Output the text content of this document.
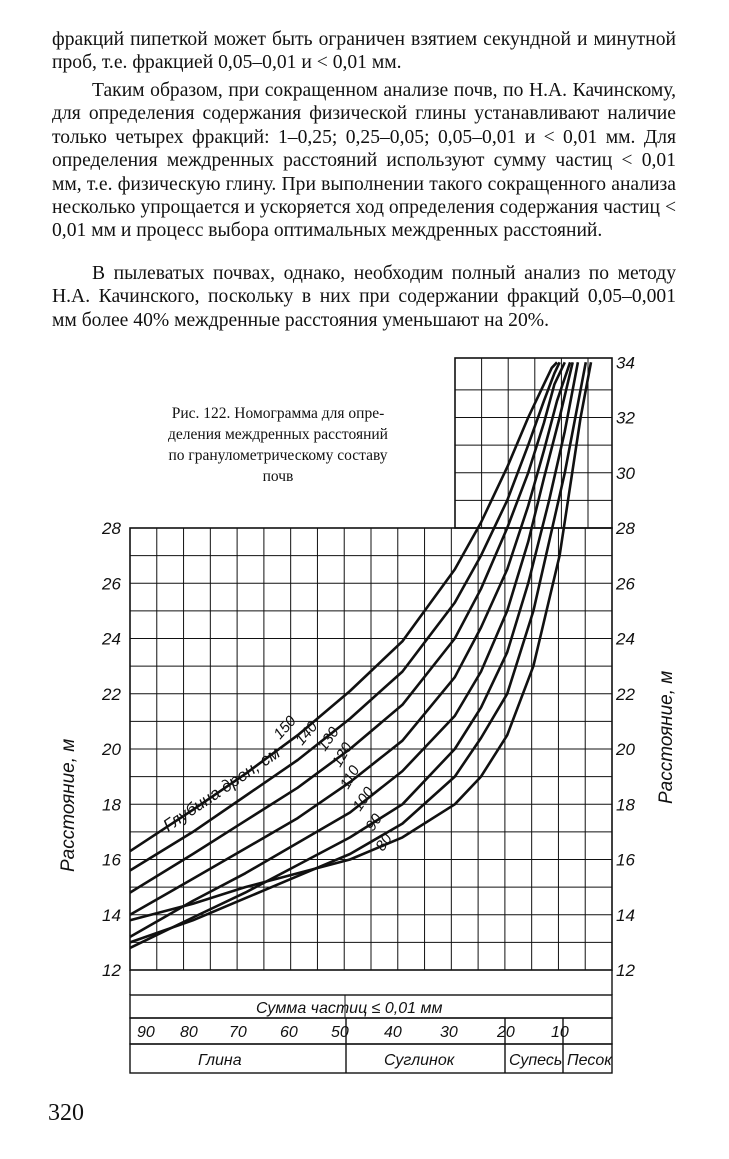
фракций пипеткой может быть ограничен взятием секундной и минутной проб, т.е. фракцией 0,05–0,01 и < 0,01 мм.

Таким образом, при сокращенном анализе почв, по Н.А. Качинскому, для определения содержания физической глины устанавливают наличие только четырех фракций: 1–0,25; 0,25–0,05; 0,05–0,01 и < 0,01 мм. Для определения междренных расстояний используют сумму частиц < 0,01 мм, т.е. физическую глину. При выполнении такого сокращенного анализа несколько упрощается и ускоряется ход определения содержания частиц < 0,01 мм и процесс выбора оптимальных междренных расстояний.

В пылеватых почвах, однако, необходим полный анализ по методу Н.А. Качинского, поскольку в них при содержании фракций 0,05–0,001 мм более 40% междренные расстояния уменьшают на 20%.

80
90
100
110
120
130
140
150
Глубина дрен, см
12
14
16
18
20
22
24
26
28
12
14
16
18
20
22
24
26
28
30
32
34
Расстояние, м
Расстояние, м
Сумма частиц ≤ 0,01 мм
90 80 70 60 50 40 30 20 10
Глина	Суглинок	Супесь Песок
Рис. 122. Номограмма для опре-
деления междренных расстояний
по гранулометрическому составу
почв
320
